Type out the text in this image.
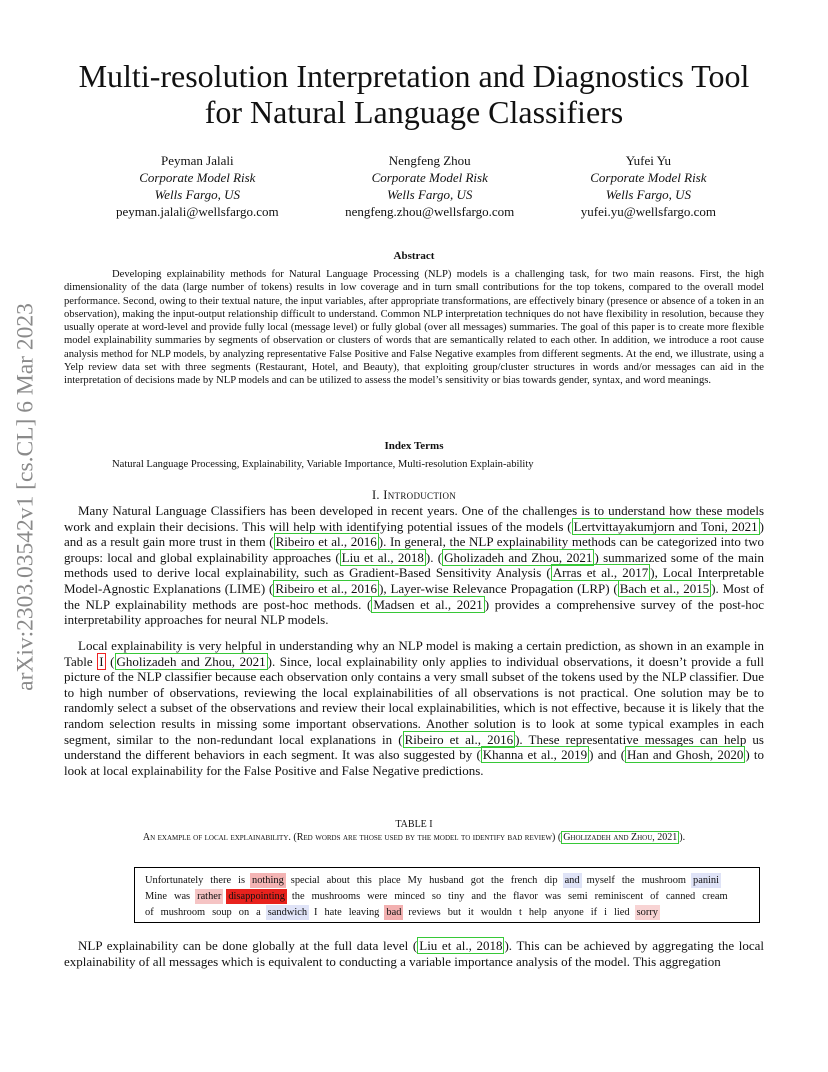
arXiv:2303.03542v1 [cs.CL] 6 Mar 2023
Multi-resolution Interpretation and Diagnostics Tool
for Natural Language Classifiers
Peyman Jalali
Corporate Model Risk
Wells Fargo, US
peyman.jalali@wellsfargo.com
Nengfeng Zhou
Corporate Model Risk
Wells Fargo, US
nengfeng.zhou@wellsfargo.com
Yufei Yu
Corporate Model Risk
Wells Fargo, US
yufei.yu@wellsfargo.com
Abstract
Developing explainability methods for Natural Language Processing (NLP) models is a challenging task, for two main reasons. First, the high dimensionality of the data (large number of tokens) results in low coverage and in turn small contributions for the top tokens, compared to the overall model performance. Second, owing to their textual nature, the input variables, after appropriate transformations, are effectively binary (presence or absence of a token in an observation), making the input-output relationship difficult to understand. Common NLP interpretation techniques do not have flexibility in resolution, because they usually operate at word-level and provide fully local (message level) or fully global (over all messages) summaries. The goal of this paper is to create more flexible model explainability summaries by segments of observation or clusters of words that are semantically related to each other. In addition, we introduce a root cause analysis method for NLP models, by analyzing representative False Positive and False Negative examples from different segments. At the end, we illustrate, using a Yelp review data set with three segments (Restaurant, Hotel, and Beauty), that exploiting group/cluster structures in words and/or messages can aid in the interpretation of decisions made by NLP models and can be utilized to assess the model’s sensitivity or bias towards gender, syntax, and word meanings.
Index Terms
Natural Language Processing, Explainability, Variable Importance, Multi-resolution Explain-ability
I. Introduction
Many Natural Language Classifiers has been developed in recent years. One of the challenges is to understand how these models work and explain their decisions. This will help with identifying potential issues of the models ( Lertvittayakumjorn and Toni, 2021 ) and as a result gain more trust in them ( Ribeiro et al., 2016 ). In general, the NLP explainability methods can be categorized into two groups: local and global explainability approaches ( Liu et al., 2018 ). ( Gholizadeh and Zhou, 2021 ) summarized some of the main methods used to derive local explainability, such as Gradient-Based Sensitivity Analysis ( Arras et al., 2017 ), Local Interpretable Model-Agnostic Explanations (LIME) ( Ribeiro et al., 2016 ), Layer-wise Relevance Propagation (LRP) ( Bach et al., 2015 ). Most of the NLP explainability methods are post-hoc methods. ( Madsen et al., 2021 ) provides a comprehensive survey of the post-hoc interpretability approaches for neural NLP models.
Local explainability is very helpful in understanding why an NLP model is making a certain prediction, as shown in an example in Table I ( Gholizadeh and Zhou, 2021 ). Since, local explainability only applies to individual observations, it doesn’t provide a full picture of the NLP classifier because each observation only contains a very small subset of the tokens used by the NLP classifier. Due to high number of observations, reviewing the local explainabilities of all observations is not practical. One solution may be to randomly select a subset of the observations and review their local explainabilities, which is not effective, because it is likely that the random selection results in missing some important observations. Another solution is to look at some typical examples in each segment, similar to the non-redundant local explanations in ( Ribeiro et al., 2016 ). These representative messages can help us understand the different behaviors in each segment. It was also suggested by ( Khanna et al., 2019 ) and ( Han and Ghosh, 2020 ) to look at local explainability for the False Positive and False Negative predictions.
TABLE I
An example of local explainability. (Red words are those used by the model to identify bad review) ( Gholizadeh and Zhou, 2021 ).
Unfortunately there is nothing special about this place My husband got the french dip and myself the mushroom panini
Mine was rather disappointing the mushrooms were minced so tiny and the flavor was semi reminiscent of canned cream
of mushroom soup on a sandwich I hate leaving bad reviews but it wouldn t help anyone if i lied sorry
NLP explainability can be done globally at the full data level ( Liu et al., 2018 ). This can be achieved by aggregating the local explainability of all messages which is equivalent to conducting a variable importance analysis of the model. This aggregation
